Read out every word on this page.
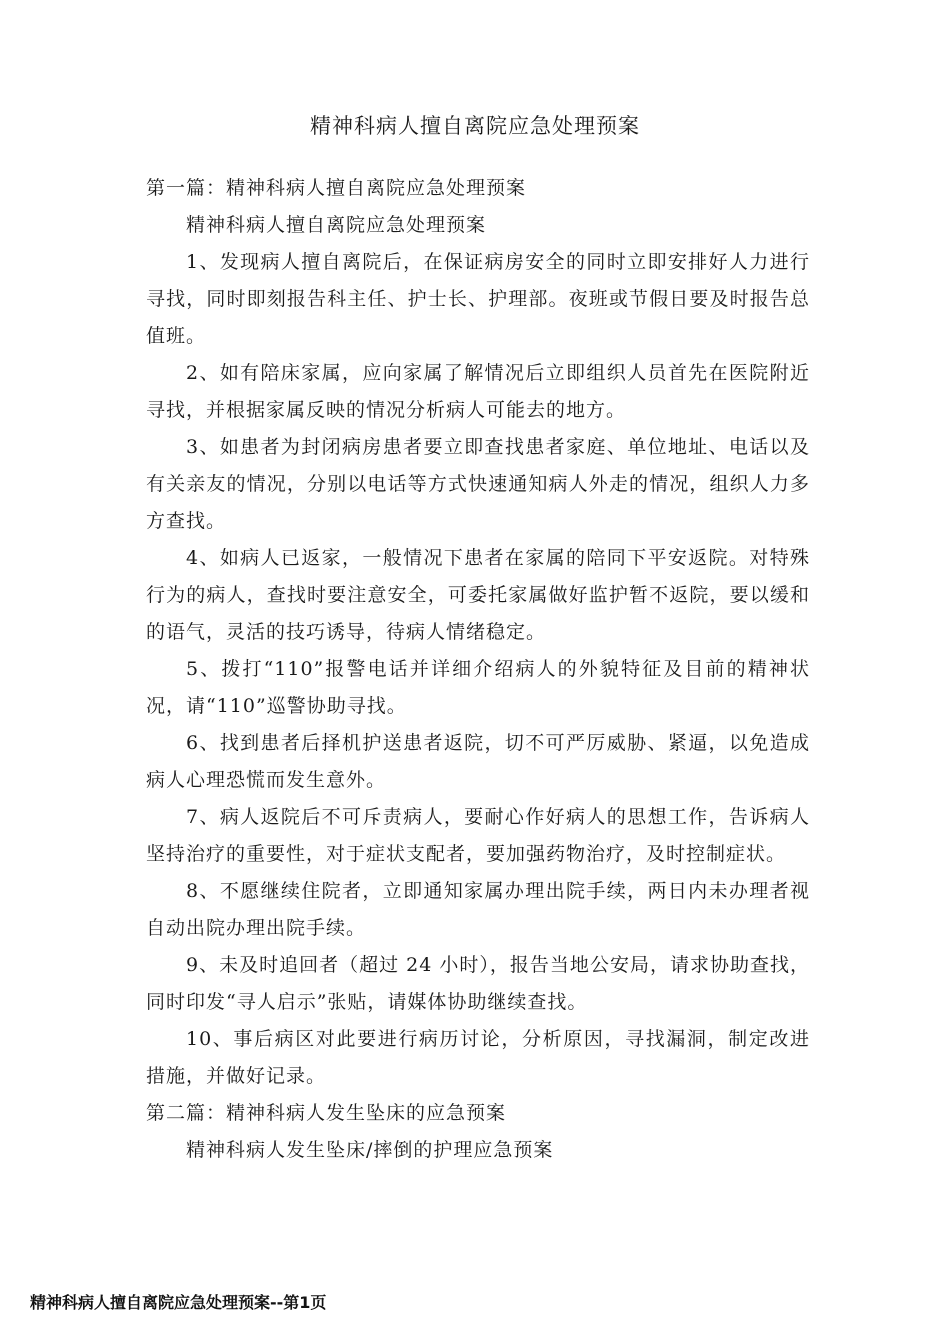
精神科病人擅自离院应急处理预案

第一篇：精神科病人擅自离院应急处理预案

精神科病人擅自离院应急处理预案

1、发现病人擅自离院后，在保证病房安全的同时立即安排好人力进行寻找，同时即刻报告科主任、护士长、护理部。夜班或节假日要及时报告总值班。

2、如有陪床家属，应向家属了解情况后立即组织人员首先在医院附近寻找，并根据家属反映的情况分析病人可能去的地方。

3、如患者为封闭病房患者要立即查找患者家庭、单位地址、电话以及有关亲友的情况，分别以电话等方式快速通知病人外走的情况，组织人力多方查找。

4、如病人已返家，一般情况下患者在家属的陪同下平安返院。对特殊行为的病人，查找时要注意安全，可委托家属做好监护暂不返院，要以缓和的语气，灵活的技巧诱导，待病人情绪稳定。

5、拨打“110”报警电话并详细介绍病人的外貌特征及目前的精神状况，请“110”巡警协助寻找。

6、找到患者后择机护送患者返院，切不可严厉威胁、紧逼，以免造成病人心理恐慌而发生意外。

7、病人返院后不可斥责病人，要耐心作好病人的思想工作，告诉病人坚持治疗的重要性，对于症状支配者，要加强药物治疗，及时控制症状。

8、不愿继续住院者，立即通知家属办理出院手续，两日内未办理者视自动出院办理出院手续。

9、未及时追回者（超过 24 小时），报告当地公安局，请求协助查找，同时印发“寻人启示”张贴，请媒体协助继续查找。

10、事后病区对此要进行病历讨论，分析原因，寻找漏洞，制定改进措施，并做好记录。

第二篇：精神科病人发生坠床的应急预案

精神科病人发生坠床/摔倒的护理应急预案

精神科病人擅自离院应急处理预案--第1页
